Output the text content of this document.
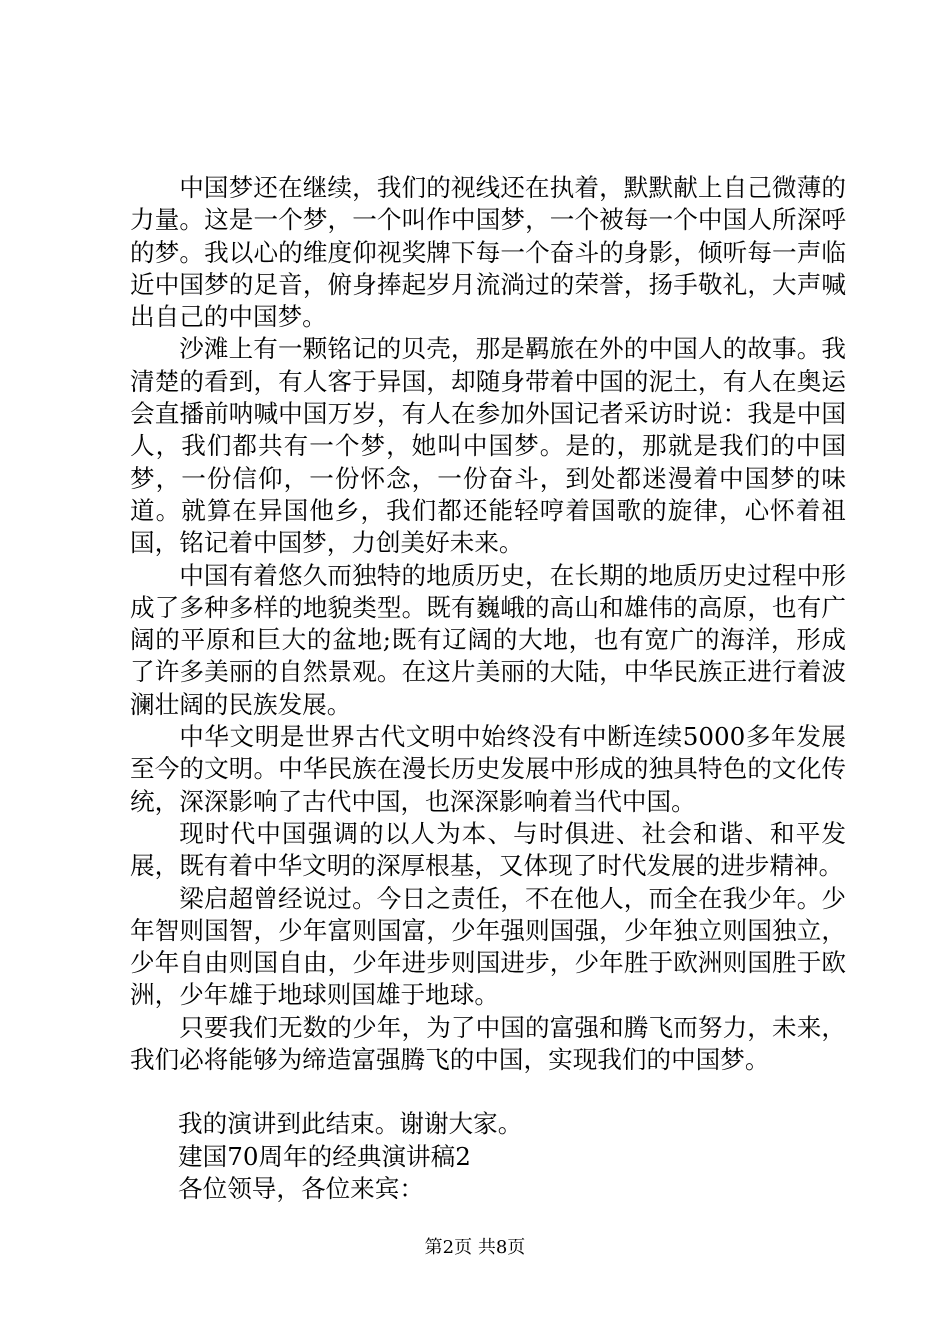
中国梦还在继续，我们的视线还在执着，默默献上自己微薄的力量。这是一个梦，一个叫作中国梦，一个被每一个中国人所深呼的梦。我以心的维度仰视奖牌下每一个奋斗的身影，倾听每一声临近中国梦的足音，俯身捧起岁月流淌过的荣誉，扬手敬礼，大声喊出自己的中国梦。

沙滩上有一颗铭记的贝壳，那是羁旅在外的中国人的故事。我清楚的看到，有人客于异国，却随身带着中国的泥土，有人在奥运会直播前呐喊中国万岁，有人在参加外国记者采访时说：我是中国人，我们都共有一个梦，她叫中国梦。是的，那就是我们的中国梦，一份信仰，一份怀念，一份奋斗，到处都迷漫着中国梦的味道。就算在异国他乡，我们都还能轻哼着国歌的旋律，心怀着祖国，铭记着中国梦，力创美好未来。

中国有着悠久而独特的地质历史，在长期的地质历史过程中形成了多种多样的地貌类型。既有巍峨的高山和雄伟的高原，也有广阔的平原和巨大的盆地;既有辽阔的大地，也有宽广的海洋，形成了许多美丽的自然景观。在这片美丽的大陆，中华民族正进行着波澜壮阔的民族发展。

中华文明是世界古代文明中始终没有中断连续5000多年发展至今的文明。中华民族在漫长历史发展中形成的独具特色的文化传统，深深影响了古代中国，也深深影响着当代中国。

现时代中国强调的以人为本、与时俱进、社会和谐、和平发展，既有着中华文明的深厚根基，又体现了时代发展的进步精神。

梁启超曾经说过。今日之责任，不在他人，而全在我少年。少年智则国智，少年富则国富，少年强则国强，少年独立则国独立，少年自由则国自由，少年进步则国进步，少年胜于欧洲则国胜于欧洲，少年雄于地球则国雄于地球。

只要我们无数的少年，为了中国的富强和腾飞而努力，未来，我们必将能够为缔造富强腾飞的中国，实现我们的中国梦。

我的演讲到此结束。谢谢大家。

建国70周年的经典演讲稿2

各位领导，各位来宾：

第2页 共8页
